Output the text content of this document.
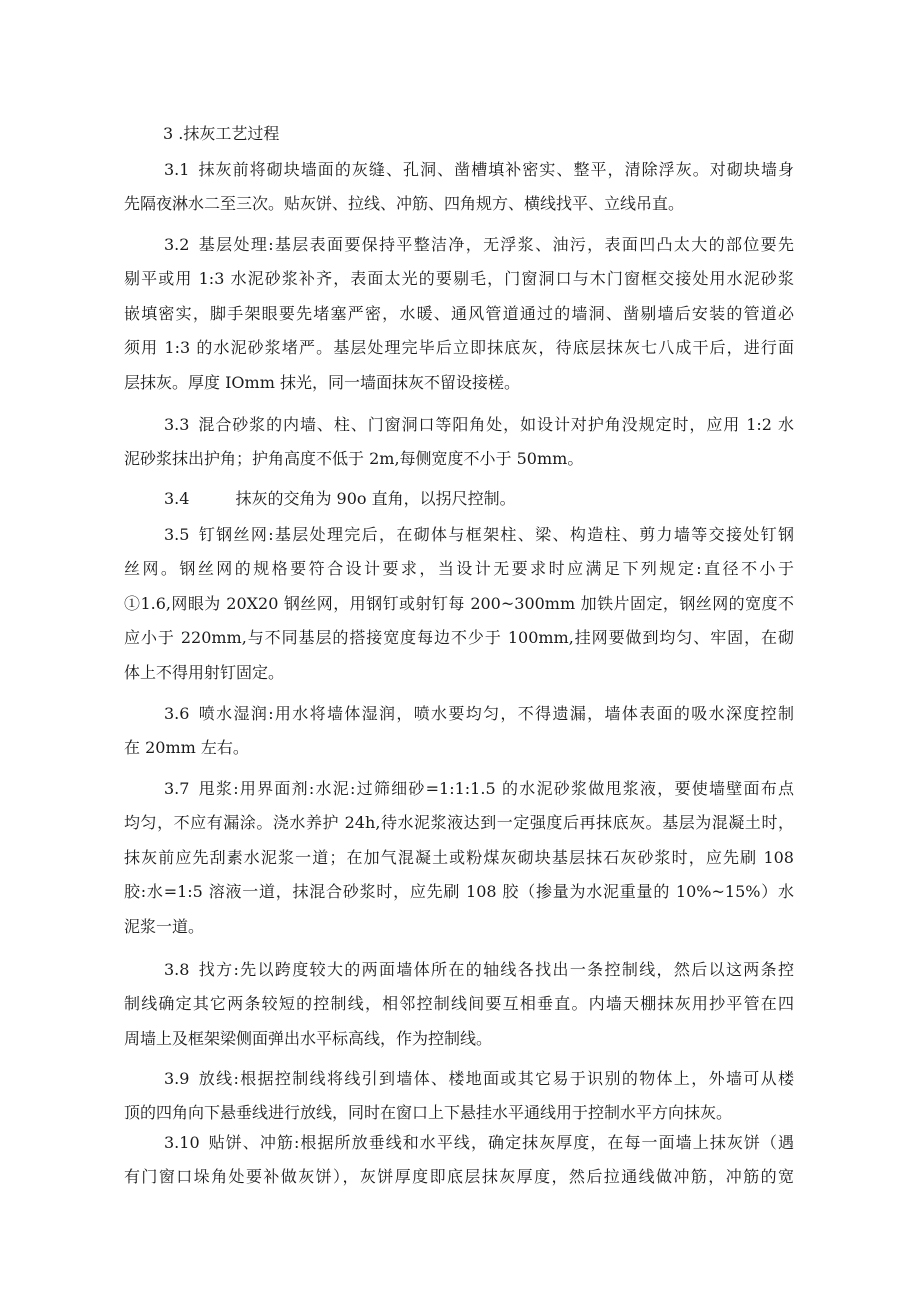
3 .抹灰工艺过程
3.1 抹灰前将砌块墙面的灰缝、孔洞、凿槽填补密实、整平，清除浮灰。对砌块墙身
先隔夜淋水二至三次。贴灰饼、拉线、冲筋、四角规方、横线找平、立线吊直。
3.2 基层处理:基层表面要保持平整洁净，无浮浆、油污，表面凹凸太大的部位要先
剔平或用 1:3 水泥砂浆补齐，表面太光的要剔毛，门窗洞口与木门窗框交接处用水泥砂浆
嵌填密实，脚手架眼要先堵塞严密，水暖、通风管道通过的墙洞、凿剔墙后安装的管道必
须用 1:3 的水泥砂浆堵严。基层处理完毕后立即抹底灰，待底层抹灰七八成干后，进行面
层抹灰。厚度 IOmm 抹光，同一墙面抹灰不留设接槎。
3.3 混合砂浆的内墙、柱、门窗洞口等阳角处，如设计对护角没规定时，应用 1:2 水
泥砂浆抹出护角；护角高度不低于 2m,每侧宽度不小于 50mm。
3.4	抹灰的交角为 90o 直角，以拐尺控制。
3.5 钉钢丝网:基层处理完后，在砌体与框架柱、梁、构造柱、剪力墙等交接处钉钢
丝网。钢丝网的规格要符合设计要求，当设计无要求时应满足下列规定:直径不小于
①1.6,网眼为 20X20 钢丝网，用钢钉或射钉每 200~300mm 加铁片固定，钢丝网的宽度不
应小于 220mm,与不同基层的搭接宽度每边不少于 100mm,挂网要做到均匀、牢固，在砌
体上不得用射钉固定。
3.6 喷水湿润:用水将墙体湿润，喷水要均匀，不得遗漏，墙体表面的吸水深度控制
在 20mm 左右。
3.7 甩浆:用界面剂:水泥:过筛细砂=1:1:1.5 的水泥砂浆做甩浆液，要使墙壁面布点
均匀，不应有漏涂。浇水养护 24h,待水泥浆液达到一定强度后再抹底灰。基层为混凝土时，
抹灰前应先刮素水泥浆一道；在加气混凝土或粉煤灰砌块基层抹石灰砂浆时，应先刷 108
胶:水=1:5 溶液一道，抹混合砂浆时，应先刷 108 胶（掺量为水泥重量的 10%~15%）水
泥浆一道。
3.8 找方:先以跨度较大的两面墙体所在的轴线各找出一条控制线，然后以这两条控
制线确定其它两条较短的控制线，相邻控制线间要互相垂直。内墙天棚抹灰用抄平管在四
周墙上及框架梁侧面弹出水平标高线，作为控制线。
3.9 放线:根据控制线将线引到墙体、楼地面或其它易于识别的物体上，外墙可从楼
顶的四角向下悬垂线进行放线，同时在窗口上下悬挂水平通线用于控制水平方向抹灰。
3.10 贴饼、冲筋:根据所放垂线和水平线，确定抹灰厚度，在每一面墙上抹灰饼（遇
有门窗口垛角处要补做灰饼），灰饼厚度即底层抹灰厚度，然后拉通线做冲筋，冲筋的宽
